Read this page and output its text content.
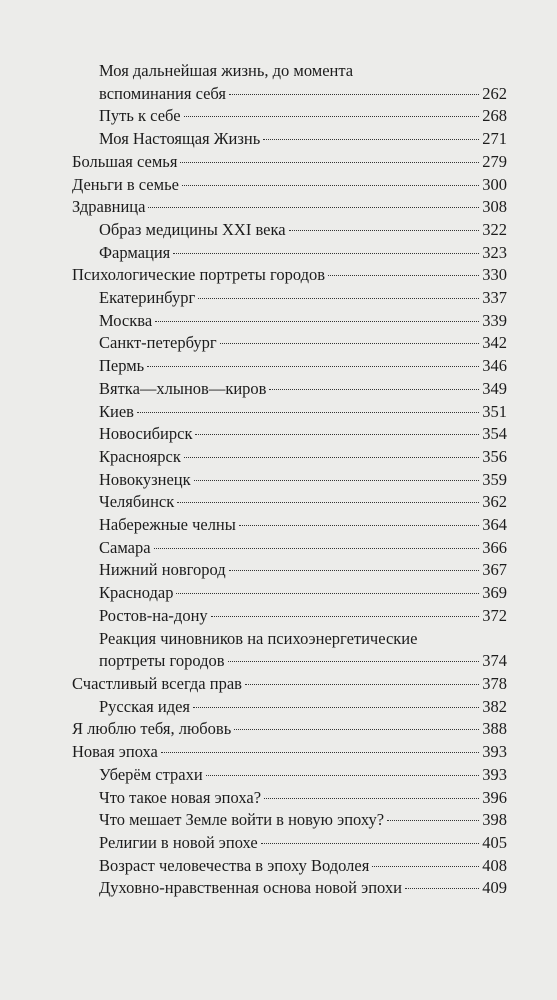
Моя дальнейшая жизнь, до момента
вспоминания себя	262
Путь к себе	268
Моя Настоящая Жизнь	271
Большая семья	279
Деньги в семье	300
Здравница	308
Образ медицины XXI века	322
Фармация	323
Психологические портреты городов	330
Екатеринбург	337
Москва	339
Санкт-петербург	342
Пермь	346
Вятка—хлынов—киров	349
Киев	351
Новосибирск	354
Красноярск	356
Новокузнецк	359
Челябинск	362
Набережные челны	364
Самара	366
Нижний новгород	367
Краснодар	369
Ростов-на-дону	372
Реакция чиновников на психоэнергетические
портреты городов	374
Счастливый всегда прав	378
Русская идея	382
Я люблю тебя, любовь	388
Новая эпоха	393
Уберём страхи	393
Что такое новая эпоха?	396
Что мешает Земле войти в новую эпоху?	398
Религии в новой эпохе	405
Возраст человечества в эпоху Водолея	408
Духовно-нравственная основа новой эпохи	409
